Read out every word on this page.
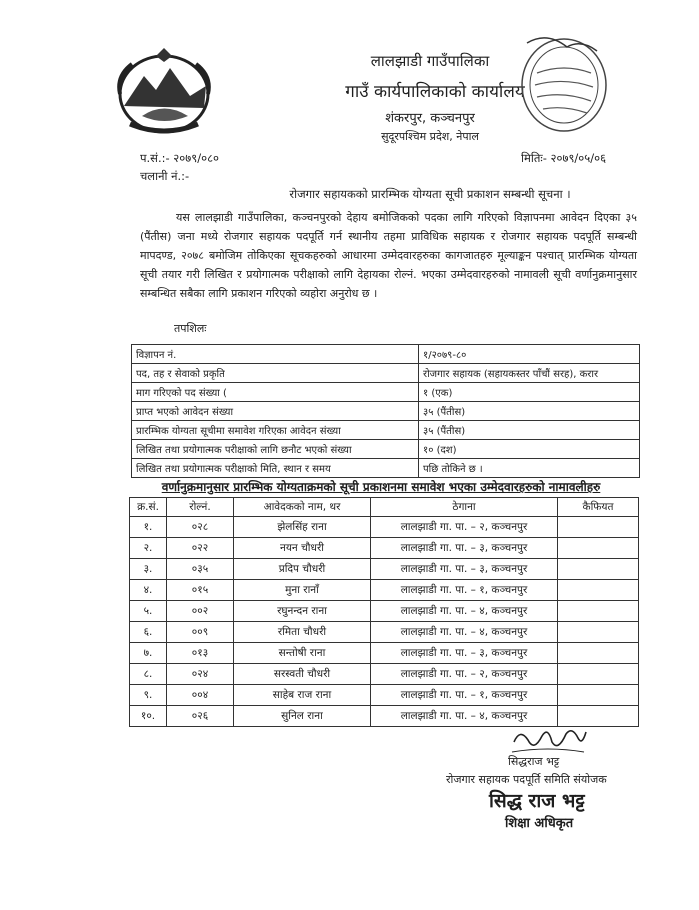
लालझाडी गाउँपालिका
गाउँ कार्यपालिकाको कार्यालय
शंकरपुर, कञ्चनपुर
सुदूरपश्चिम प्रदेश, नेपाल
प.सं.:- २०७९/०८०
चलानी नं.:-
मितिः- २०७९/०५/०६
रोजगार सहायकको प्रारम्भिक योग्यता सूची प्रकाशन सम्बन्धी सूचना ।
यस लालझाडी गाउँपालिका, कञ्चनपुरको देहाय बमोजिकको पदका लागि गरिएको विज्ञापनमा आवेदन दिएका ३५ (पैंतीस) जना मध्ये रोजगार सहायक पदपूर्ति गर्न स्थानीय तहमा प्राविधिक सहायक र रोजगार सहायक पदपूर्ति सम्बन्धी मापदण्ड, २०७८ बमोजिम तोकिएका सूचकहरुको आधारमा उम्मेदवारहरुका कागजातहरु मूल्याङ्कन पश्चात् प्रारम्भिक योग्यता सूची तयार गरी लिखित र प्रयोगात्मक परीक्षाको लागि देहायका रोल्नं. भएका उम्मेदवारहरुको नामावली सूची वर्णानुक्रमानुसार सम्बन्धित सबैका लागि प्रकाशन गरिएको व्यहोरा अनुरोध छ ।
तपशिलः
विज्ञापन नं.	१/२०७९-८०
पद, तह र सेवाको प्रकृति	रोजगार सहायक (सहायकस्तर पाँचौं सरह), करार
माग गरिएको पद संख्या (	१ (एक)
प्राप्त भएको आवेदन संख्या	३५ (पैंतीस)
प्रारम्भिक योग्यता सूचीमा समावेश गरिएका आवेदन संख्या	३५ (पैंतीस)
लिखित तथा प्रयोगात्मक परीक्षाको लागि छनौट भएको संख्या	१० (दश)
लिखित तथा प्रयोगात्मक परीक्षाको मिति, स्थान र समय	पछि तोकिने छ ।
वर्णानुक्रमानुसार प्रारम्भिक योग्यताक्रमको सूची प्रकाशनमा समावेश भएका उम्मेदवारहरुको नामावलीहरु
क्र.सं.	रोल्नं.	आवेदकको नाम, थर	ठेगाना	कैफियत
१.	०२८	झेलसिंह राना	लालझाडी गा. पा. – २, कञ्चनपुर	
२.	०२२	नयन चौधरी	लालझाडी गा. पा. – ३, कञ्चनपुर	
३.	०३५	प्रदिप चौधरी	लालझाडी गा. पा. – ३, कञ्चनपुर	
४.	०१५	मुना रानाँ	लालझाडी गा. पा. – १, कञ्चनपुर	
५.	००२	रघुनन्दन राना	लालझाडी गा. पा. – ४, कञ्चनपुर	
६.	००९	रमिता चौधरी	लालझाडी गा. पा. – ४, कञ्चनपुर	
७.	०१३	सन्तोषी राना	लालझाडी गा. पा. – ३, कञ्चनपुर	
८.	०२४	सरस्वती चौधरी	लालझाडी गा. पा. – २, कञ्चनपुर	
९.	००४	साहेब राज राना	लालझाडी गा. पा. – १, कञ्चनपुर	
१०.	०२६	सुनिल राना	लालझाडी गा. पा. – ४, कञ्चनपुर	
सिद्धराज भट्ट
रोजगार सहायक पदपूर्ति समिति संयोजक
सिद्ध राज भट्ट
शिक्षा अधिकृत
